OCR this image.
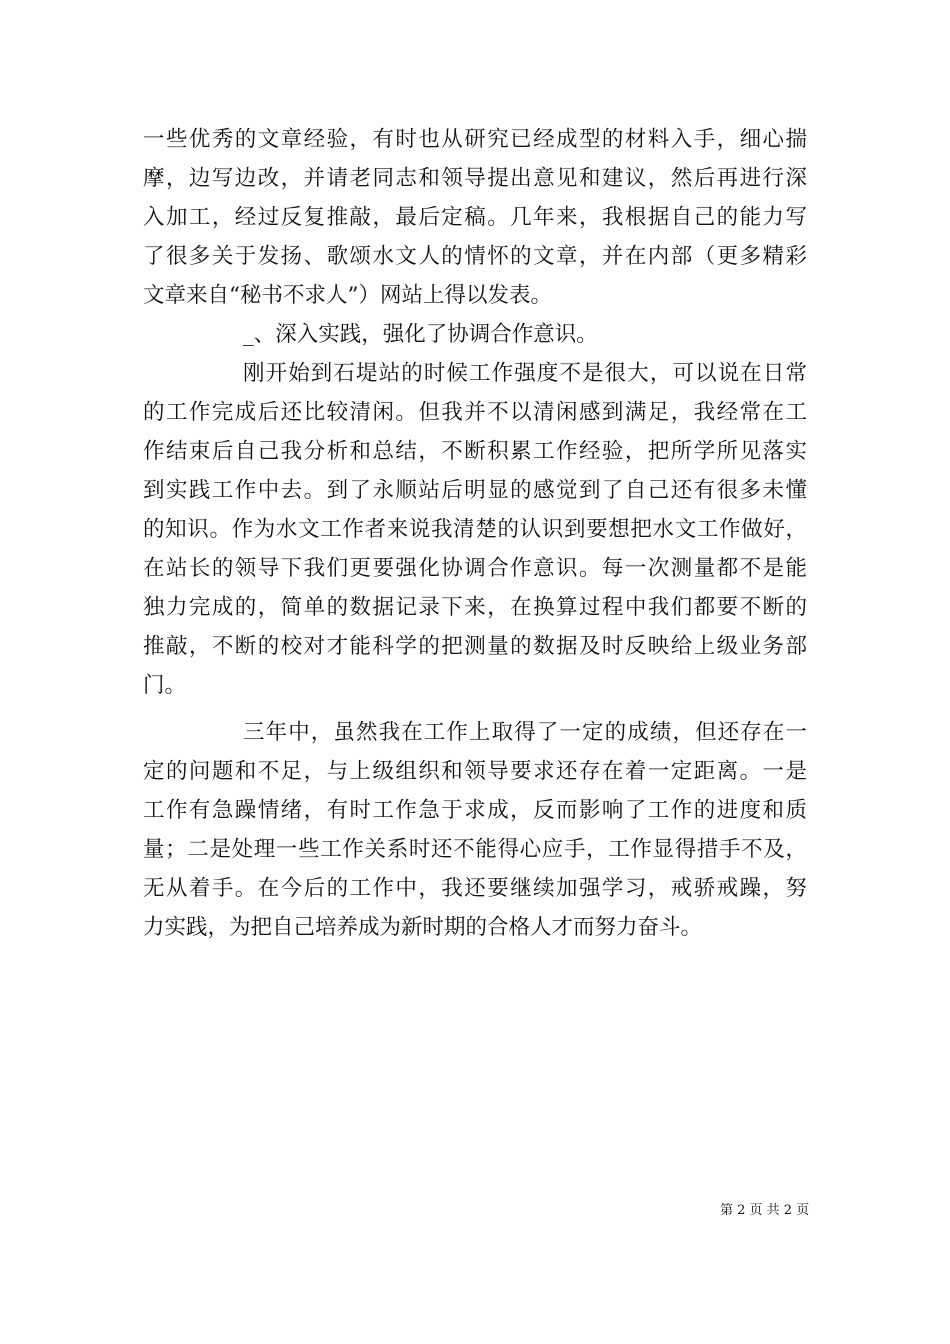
一些优秀的文章经验，有时也从研究已经成型的材料入手，细心揣
摩，边写边改，并请老同志和领导提出意见和建议，然后再进行深
入加工，经过反复推敲，最后定稿。几年来，我根据自己的能力写
了很多关于发扬、歌颂水文人的情怀的文章，并在内部（更多精彩
文章来自“秘书不求人”）网站上得以发表。
_、深入实践，强化了协调合作意识。
刚开始到石堤站的时候工作强度不是很大，可以说在日常
的工作完成后还比较清闲。但我并不以清闲感到满足，我经常在工
作结束后自己我分析和总结，不断积累工作经验，把所学所见落实
到实践工作中去。到了永顺站后明显的感觉到了自己还有很多未懂
的知识。作为水文工作者来说我清楚的认识到要想把水文工作做好，
在站长的领导下我们更要强化协调合作意识。每一次测量都不是能
独力完成的，简单的数据记录下来，在换算过程中我们都要不断的
推敲，不断的校对才能科学的把测量的数据及时反映给上级业务部
门。
三年中，虽然我在工作上取得了一定的成绩，但还存在一
定的问题和不足，与上级组织和领导要求还存在着一定距离。一是
工作有急躁情绪，有时工作急于求成，反而影响了工作的进度和质
量；二是处理一些工作关系时还不能得心应手，工作显得措手不及，
无从着手。在今后的工作中，我还要继续加强学习，戒骄戒躁，努
力实践，为把自己培养成为新时期的合格人才而努力奋斗。
第 2 页 共 2 页
